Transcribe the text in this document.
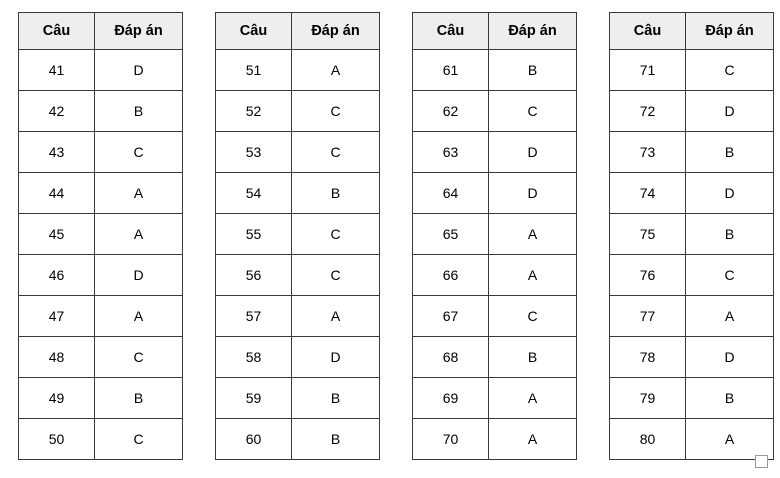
Câu	Đáp án
41	D
42	B
43	C
44	A
45	A
46	D
47	A
48	C
49	B
50	C
Câu	Đáp án
51	A
52	C
53	C
54	B
55	C
56	C
57	A
58	D
59	B
60	B
Câu	Đáp án
61	B
62	C
63	D
64	D
65	A
66	A
67	C
68	B
69	A
70	A
Câu	Đáp án
71	C
72	D
73	B
74	D
75	B
76	C
77	A
78	D
79	B
80	A
